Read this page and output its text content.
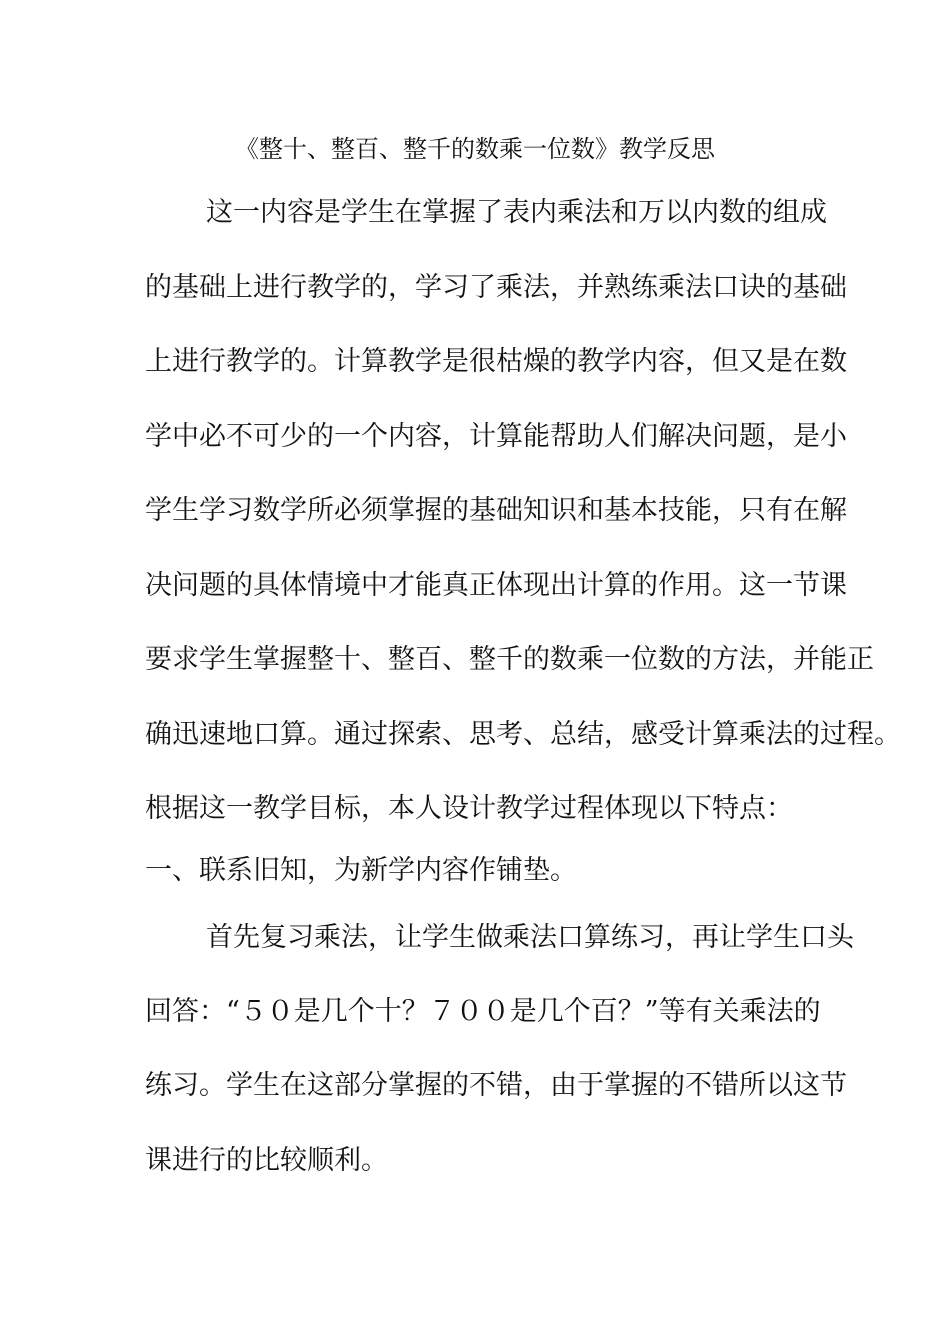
《整十、整百、整千的数乘一位数》教学反思
这一内容是学生在掌握了表内乘法和万以内数的组成
的基础上进行教学的，学习了乘法，并熟练乘法口诀的基础
上进行教学的。计算教学是很枯燥的教学内容，但又是在数
学中必不可少的一个内容，计算能帮助人们解决问题，是小
学生学习数学所必须掌握的基础知识和基本技能，只有在解
决问题的具体情境中才能真正体现出计算的作用。这一节课
要求学生掌握整十、整百、整千的数乘一位数的方法，并能正
确迅速地口算。通过探索、思考、总结，感受计算乘法的过程。
根据这一教学目标，本人设计教学过程体现以下特点：
一、联系旧知，为新学内容作铺垫。
首先复习乘法，让学生做乘法口算练习，再让学生口头
回答：“５０是几个十？７００是几个百？”等有关乘法的
练习。学生在这部分掌握的不错，由于掌握的不错所以这节
课进行的比较顺利。
